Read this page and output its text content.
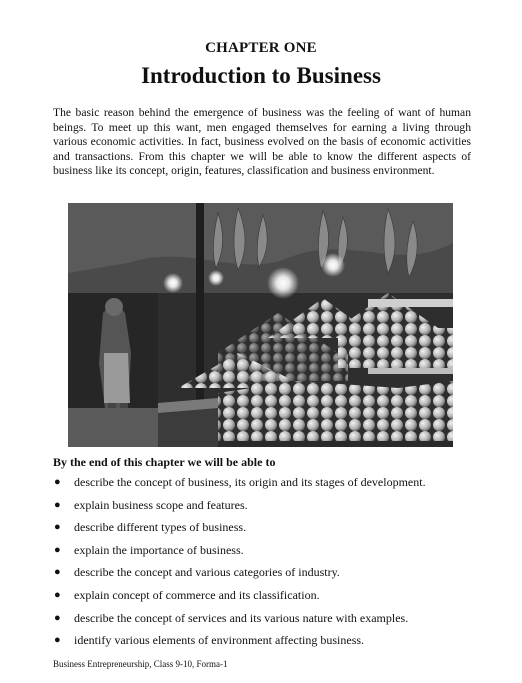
CHAPTER ONE
Introduction to Business

The basic reason behind the emergence of business was the feeling of want of human beings. To meet up this want, men engaged themselves for earning a living through various economic activities. In fact, business evolved on the basis of economic activities and transactions. From this chapter we will be able to know the different aspects of business like its concept, origin, features, classification and business environment.

By the end of this chapter we will be able to

● describe the concept of business, its origin and its stages of development.
● explain business scope and features.
● describe different types of business.
● explain the importance of business.
● describe the concept and various categories of industry.
● explain concept of commerce and its classification.
● describe the concept of services and its various nature with examples.
● identify various elements of environment affecting business.
Business Entrepreneurship, Class 9-10, Forma-1
